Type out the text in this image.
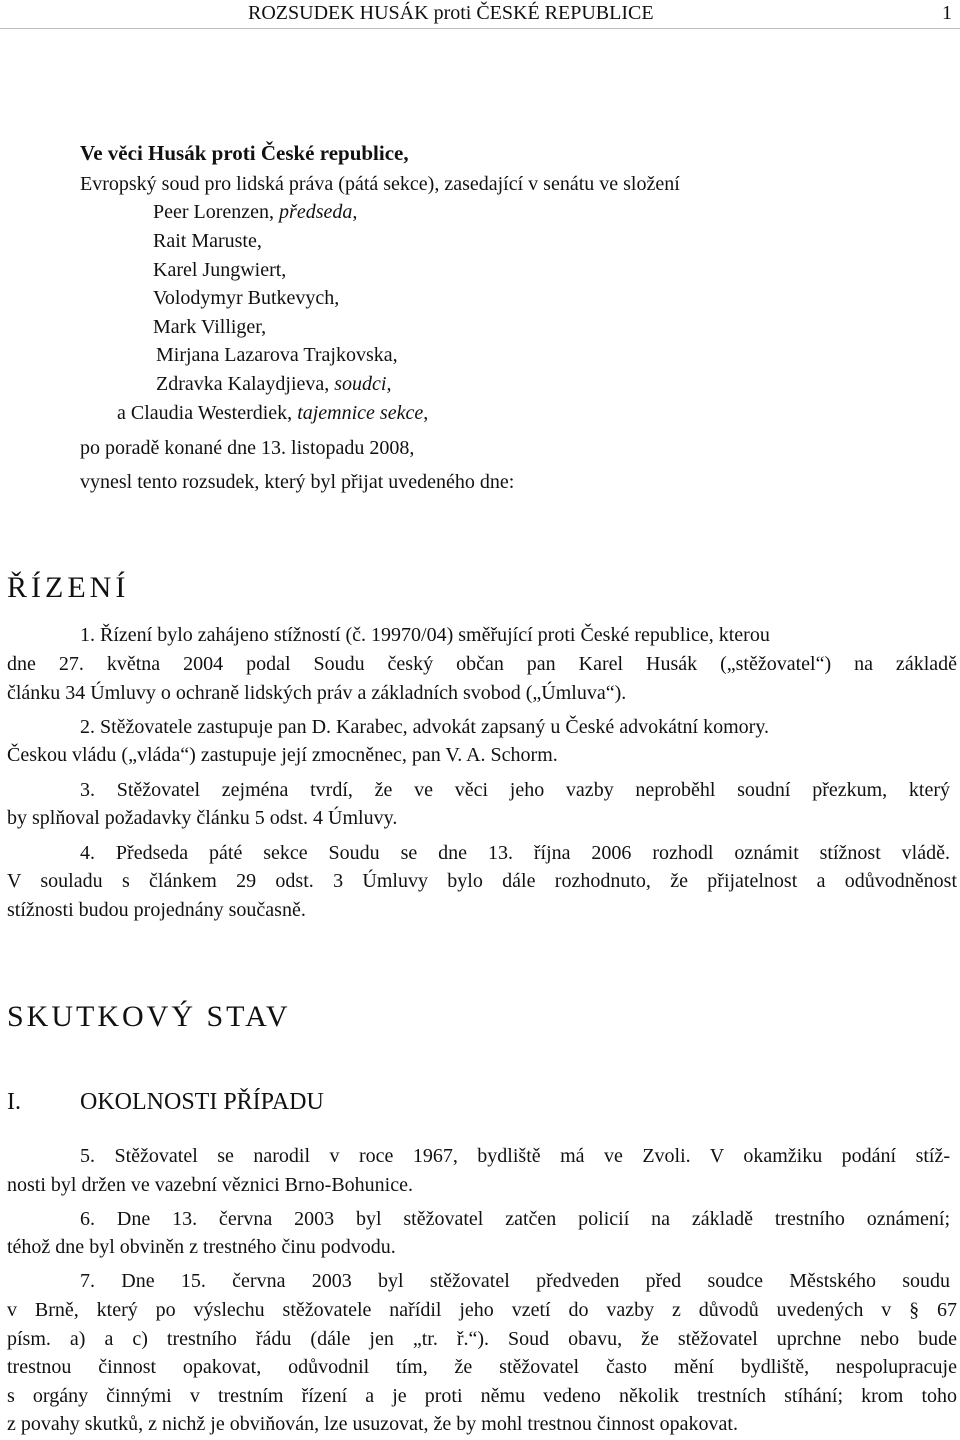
ROZSUDEK HUSÁK proti ČESKÉ REPUBLICE	1
Ve věci Husák proti České republice,
Evropský soud pro lidská práva (pátá sekce), zasedající v senátu ve složení
Peer Lorenzen, předseda,
Rait Maruste,
Karel Jungwiert,
Volodymyr Butkevych,
Mark Villiger,
Mirjana Lazarova Trajkovska,
Zdravka Kalaydjieva, soudci,
a Claudia Westerdiek, tajemnice sekce,
po poradě konané dne 13. listopadu 2008,
vynesl tento rozsudek, který byl přijat uvedeného dne:
ŘÍZENÍ
1. Řízení bylo zahájeno stížností (č. 19970/04) směřující proti České republice, kterou
dne 27. května 2004 podal Soudu český občan pan Karel Husák („stěžovatel“) na základě
článku 34 Úmluvy o ochraně lidských práv a základních svobod („Úmluva“).
2. Stěžovatele zastupuje pan D. Karabec, advokát zapsaný u České advokátní komory.
Českou vládu („vláda“) zastupuje její zmocněnec, pan V. A. Schorm.
3. Stěžovatel zejména tvrdí, že ve věci jeho vazby neproběhl soudní přezkum, který
by splňoval požadavky článku 5 odst. 4 Úmluvy.
4. Předseda páté sekce Soudu se dne 13. října 2006 rozhodl oznámit stížnost vládě.
V souladu s článkem 29 odst. 3 Úmluvy bylo dále rozhodnuto, že přijatelnost a odůvodněnost
stížnosti budou projednány současně.
SKUTKOVÝ STAV
I. OKOLNOSTI PŘÍPADU
5. Stěžovatel se narodil v roce 1967, bydliště má ve Zvoli. V okamžiku podání stíž-
nosti byl držen ve vazební věznici Brno-Bohunice.
6. Dne 13. června 2003 byl stěžovatel zatčen policií na základě trestního oznámení;
téhož dne byl obviněn z trestného činu podvodu.
7. Dne 15. června 2003 byl stěžovatel předveden před soudce Městského soudu
v Brně, který po výslechu stěžovatele nařídil jeho vzetí do vazby z důvodů uvedených v § 67
písm. a) a c) trestního řádu (dále jen „tr. ř.“). Soud obavu, že stěžovatel uprchne nebo bude
trestnou činnost opakovat, odůvodnil tím, že stěžovatel často mění bydliště, nespolupracuje
s orgány činnými v trestním řízení a je proti němu vedeno několik trestních stíhání; krom toho
z povahy skutků, z nichž je obviňován, lze usuzovat, že by mohl trestnou činnost opakovat.
